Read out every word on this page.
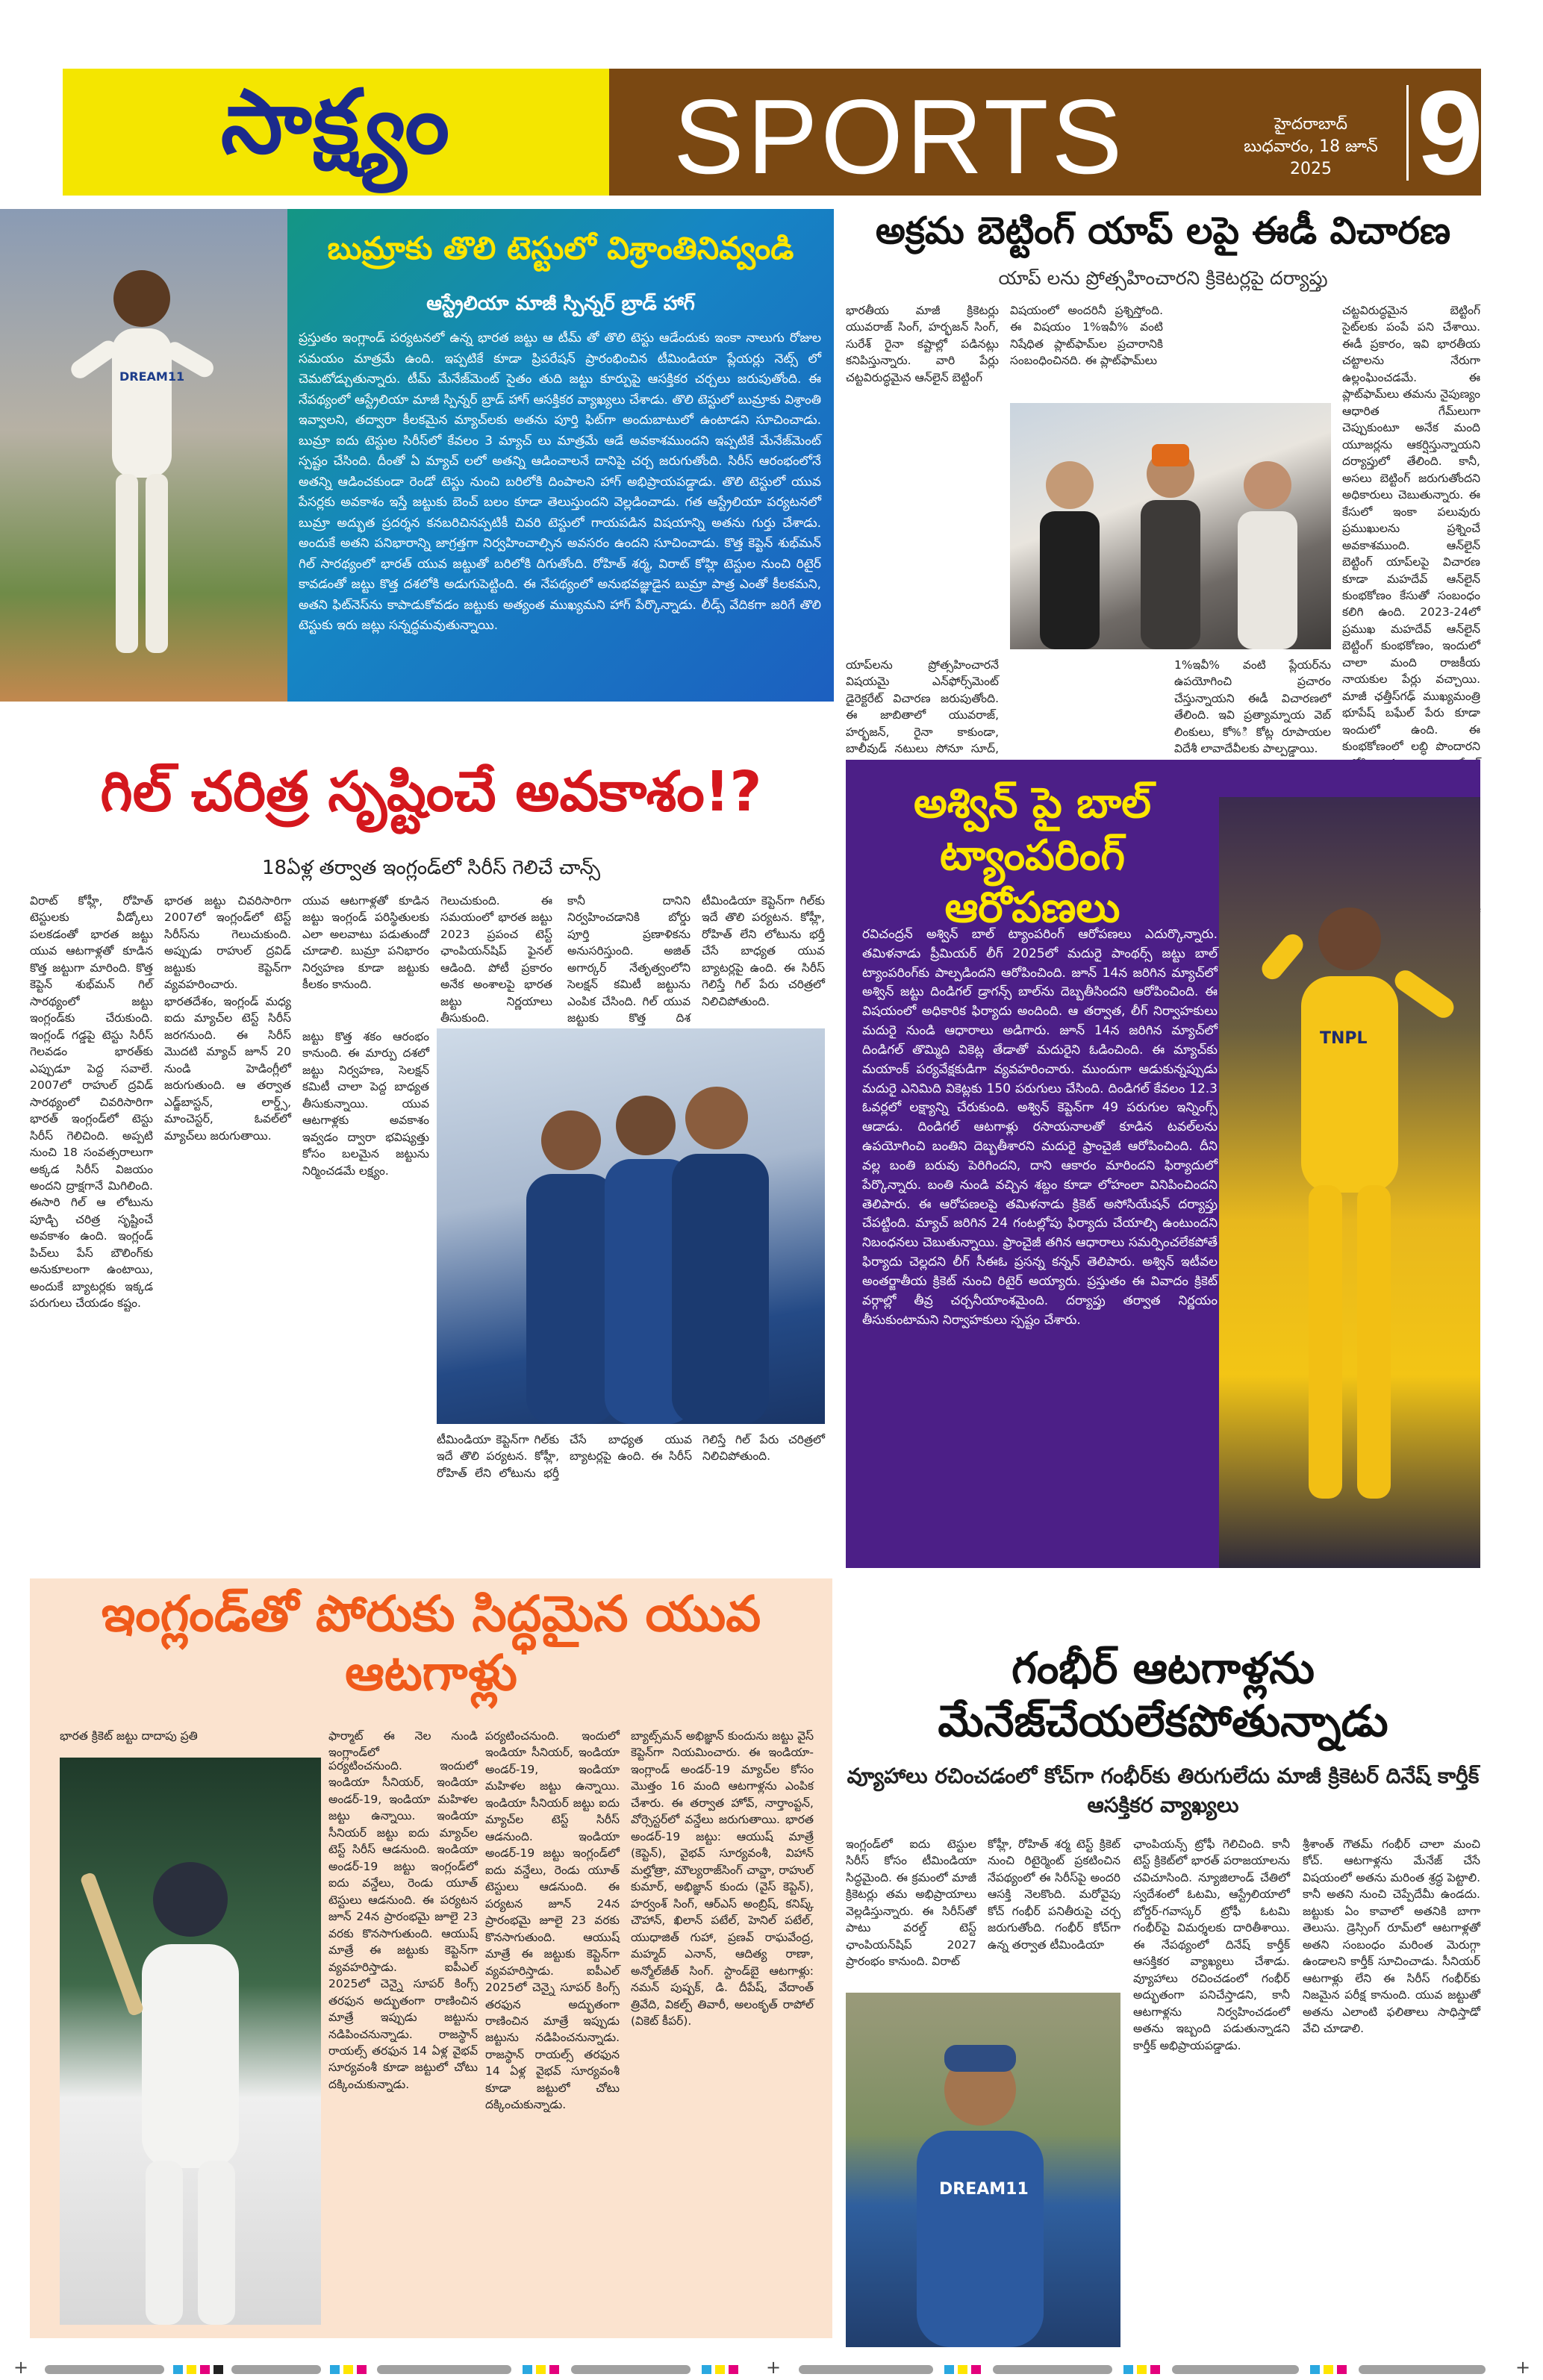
సాక్ష్యం SPORTS	హైదరాబాద్
బుధవారం, 18 జూన్ 2025 9
DREAM11
బుమ్రాకు తొలి టెస్టులో విశ్రాంతినివ్వండి
ఆస్ట్రేలియా మాజీ స్పిన్నర్ బ్రాడ్ హాగ్
ప్రస్తుతం ఇంగ్లాండ్ పర్యటనలో ఉన్న భారత జట్టు ఆ టీమ్ తో తొలి టెస్టు ఆడేందుకు ఇంకా నాలుగు రోజుల సమయం మాత్రమే ఉంది. ఇప్పటికే కూడా ప్రిపరేషన్ ప్రారంభించిన టీమిండియా ప్లేయర్లు నెట్స్ లో చెమటోడ్చుతున్నారు. టీమ్ మేనేజ్‌మెంట్ సైతం తుది జట్టు కూర్పుపై ఆసక్తికర చర్చలు జరుపుతోంది. ఈ నేపథ్యంలో ఆస్ట్రేలియా మాజీ స్పిన్నర్ బ్రాడ్ హాగ్ ఆసక్తికర వ్యాఖ్యలు చేశాడు. తొలి టెస్టులో బుమ్రాకు విశ్రాంతి ఇవ్వాలని, తద్వారా కీలకమైన మ్యాచ్‌లకు అతను పూర్తి ఫిట్‌గా అందుబాటులో ఉంటాడని సూచించాడు. బుమ్రా ఐదు టెస్టుల సిరీస్‌లో కేవలం 3 మ్యాచ్ లు మాత్రమే ఆడే అవకాశముందని ఇప్పటికే మేనేజ్‌మెంట్ స్పష్టం చేసింది. దీంతో ఏ మ్యాచ్ లలో అతన్ని ఆడించాలనే దానిపై చర్చ జరుగుతోంది. సిరీస్ ఆరంభంలోనే అతన్ని ఆడించకుండా రెండో టెస్టు నుంచి బరిలోకి దింపాలని హాగ్ అభిప్రాయపడ్డాడు. తొలి టెస్టులో యువ పేసర్లకు అవకాశం ఇస్తే జట్టుకు బెంచ్ బలం కూడా తెలుస్తుందని వెల్లడించాడు. గత ఆస్ట్రేలియా పర్యటనలో బుమ్రా అద్భుత ప్రదర్శన కనబరిచినప్పటికీ చివరి టెస్టులో గాయపడిన విషయాన్ని అతను గుర్తు చేశాడు. అందుకే అతని పనిభారాన్ని జాగ్రత్తగా నిర్వహించాల్సిన అవసరం ఉందని సూచించాడు. కొత్త కెప్టెన్ శుభ్‌మన్ గిల్ సారథ్యంలో భారత్ యువ జట్టుతో బరిలోకి దిగుతోంది. రోహిత్ శర్మ, విరాట్ కోహ్లి టెస్టుల నుంచి రిటైర్ కావడంతో జట్టు కొత్త దశలోకి అడుగుపెట్టింది. ఈ నేపథ్యంలో అనుభవజ్ఞుడైన బుమ్రా పాత్ర ఎంతో కీలకమని, అతని ఫిట్‌నెస్‌ను కాపాడుకోవడం జట్టుకు అత్యంత ముఖ్యమని హాగ్ పేర్కొన్నాడు. లీడ్స్ వేదికగా జరిగే తొలి టెస్టుకు ఇరు జట్లు సన్నద్ధమవుతున్నాయి.
అక్రమ బెట్టింగ్ యాప్ లపై ఈడీ విచారణ
యాప్ లను ప్రోత్సహించారని క్రికెటర్లపై దర్యాప్తు
భారతీయ మాజీ క్రికెటర్లు యువరాజ్ సింగ్, హర్భజన్ సింగ్, సురేశ్ రైనా కష్టాల్లో పడినట్లు కనిపిస్తున్నారు. వారి పేర్లు చట్టవిరుద్ధమైన ఆన్‌లైన్ బెట్టింగ్
యాప్‌లను ప్రోత్సహించారనే విషయమై ఎన్‌ఫోర్స్‌మెంట్ డైరెక్టరేట్ విచారణ జరుపుతోంది. ఈ జాబితాలో యువరాజ్, హర్భజన్, రైనా కాకుండా, బాలీవుడ్ నటులు సోనూ సూద్,
విషయంలో అందరినీ ప్రశ్నిస్తోంది. ఈ విషయం 1%ఇవీ% వంటి నిషేధిత ప్లాట్‌ఫామ్‌ల ప్రచారానికి సంబంధించినది. ఈ ప్లాట్‌ఫామ్‌లు
1%ఇవీ% వంటి ప్లేయర్‌ను ఉపయోగించి ప్రచారం చేస్తున్నాయని ఈడీ విచారణలో తేలింది. ఇవి ప్రత్యామ్నాయ వెబ్ లింకులు, కో%ి కోట్ల రూపాయల విదేశీ లావాదేవీలకు పాల్పడ్డాయి.
చట్టవిరుద్ధమైన బెట్టింగ్ సైట్‌లకు పంపే పని చేశాయి. ఈడీ ప్రకారం, ఇవి భారతీయ చట్టాలను నేరుగా ఉల్లంఘించడమే. ఈ ప్లాట్‌ఫామ్‌లు తమను నైపుణ్యం ఆధారిత గేమ్‌లుగా చెప్పుకుంటూ అనేక మంది యూజర్లను ఆకర్షిస్తున్నాయని దర్యాప్తులో తేలింది. కానీ, అసలు బెట్టింగ్ జరుగుతోందని అధికారులు చెబుతున్నారు. ఈ కేసులో ఇంకా పలువురు ప్రముఖులను ప్రశ్నించే అవకాశముంది. ఆన్‌లైన్ బెట్టింగ్ యాప్‌లపై విచారణ కూడా మహదేవ్ ఆన్‌లైన్ కుంభకోణం కేసుతో సంబంధం కలిగి ఉంది. 2023-24లో ప్రముఖ మహదేవ్ ఆన్‌లైన్ బెట్టింగ్ కుంభకోణం, ఇందులో చాలా మంది రాజకీయ నాయకుల పేర్లు వచ్చాయి. మాజీ ఛత్తీస్‌గఢ్ ముఖ్యమంత్రి భూపేష్ బఘేల్ పేరు కూడా ఇందులో ఉంది. ఈ కుంభకోణంలో లబ్ధి పొందారని
గిల్ చరిత్ర సృష్టించే అవకాశం!?
18ఏళ్ల తర్వాత ఇంగ్లండ్‌లో సిరీస్ గెలిచే చాన్స్
విరాట్ కోహ్లీ, రోహిత్ టెస్టులకు వీడ్కోలు పలకడంతో భారత జట్టు యువ ఆటగాళ్లతో కూడిన కొత్త జట్టుగా మారింది. కొత్త కెప్టెన్ శుభ్‌మన్ గిల్ సారథ్యంలో జట్టు ఇంగ్లండ్‌కు చేరుకుంది. ఇంగ్లండ్ గడ్డపై టెస్టు సిరీస్ గెలవడం భారత్‌కు ఎప్పుడూ పెద్ద సవాలే. 2007లో రాహుల్ ద్రవిడ్ సారథ్యంలో చివరిసారిగా భారత్ ఇంగ్లండ్‌లో టెస్టు సిరీస్ గెలిచింది. అప్పటి నుంచి 18 సంవత్సరాలుగా అక్కడ సిరీస్ విజయం అందని ద్రాక్షగానే మిగిలింది. ఈసారి గిల్ ఆ లోటును పూడ్చి చరిత్ర సృష్టించే అవకాశం ఉంది. ఇంగ్లండ్ పిచ్‌లు పేస్ బౌలింగ్‌కు అనుకూలంగా ఉంటాయి, అందుకే బ్యాటర్లకు ఇక్కడ పరుగులు చేయడం కష్టం.
భారత జట్టు చివరిసారిగా 2007లో ఇంగ్లండ్‌లో టెస్ట్ సిరీస్‌ను గెలుచుకుంది. అప్పుడు రాహుల్ ద్రవిడ్ జట్టుకు కెప్టెన్‌గా వ్యవహరించారు. భారతదేశం, ఇంగ్లండ్ మధ్య ఐదు మ్యాచ్‌ల టెస్ట్ సిరీస్ జరగనుంది. ఈ సిరీస్ మొదటి మ్యాచ్ జూన్ 20 నుండి హెడింగ్లీలో జరుగుతుంది. ఆ తర్వాత ఎడ్జ్‌బాస్టన్, లార్డ్స్, మాంచెస్టర్, ఓవల్‌లో మ్యాచ్‌లు జరుగుతాయి.
యువ ఆటగాళ్లతో కూడిన జట్టు ఇంగ్లండ్ పరిస్థితులకు ఎలా అలవాటు పడుతుందో చూడాలి. బుమ్రా పనిభారం నిర్వహణ కూడా జట్టుకు కీలకం కానుంది.
గెలుచుకుంది. ఈ సమయంలో భారత జట్టు 2023 ప్రపంచ టెస్ట్ ఛాంపియన్‌షిప్ ఫైనల్ ఆడింది. పోటీ ప్రకారం అనేక అంశాలపై భారత జట్టు నిర్ణయాలు తీసుకుంది.
జట్టు కొత్త శకం ఆరంభం కానుంది. ఈ మార్పు దశలో జట్టు నిర్వహణ, సెలక్షన్ కమిటీ చాలా పెద్ద బాధ్యత తీసుకున్నాయి. యువ ఆటగాళ్లకు అవకాశం ఇవ్వడం ద్వారా భవిష్యత్తు కోసం బలమైన జట్టును నిర్మించడమే లక్ష్యం.
కానీ దానిని నిర్వహించడానికి బోర్డు పూర్తి ప్రణాళికను అనుసరిస్తుంది. అజిత్ అగార్కర్ నేతృత్వంలోని సెలక్షన్ కమిటీ జట్టును ఎంపిక చేసింది. గిల్ యువ జట్టుకు కొత్త దిశ
టీమిండియా కెప్టెన్‌గా గిల్‌కు ఇదే తొలి పర్యటన. కోహ్లీ, రోహిత్ లేని లోటును భర్తీ చేసే బాధ్యత యువ బ్యాటర్లపై ఉంది. ఈ సిరీస్ గెలిస్తే గిల్ పేరు చరిత్రలో నిలిచిపోతుంది.
టీమిండియా కెప్టెన్‌గా గిల్‌కు ఇదే తొలి పర్యటన. కోహ్లీ, రోహిత్ లేని లోటును భర్తీ చేసే బాధ్యత యువ బ్యాటర్లపై ఉంది. ఈ సిరీస్ గెలిస్తే గిల్ పేరు చరిత్రలో నిలిచిపోతుంది.
అశ్విన్ పై బాల్ ట్యాంపరింగ్ ఆరోపణలు
రవిచంద్రన్ అశ్విన్ బాల్ ట్యాంపరింగ్ ఆరోపణలు ఎదుర్కొన్నారు. తమిళనాడు ప్రీమియర్ లీగ్ 2025లో మదురై పాంథర్స్ జట్టు బాల్ ట్యాంపరింగ్‌కు పాల్పడిందని ఆరోపించింది. జూన్ 14న జరిగిన మ్యాచ్‌లో అశ్విన్ జట్టు దిండిగల్ డ్రాగన్స్ బాల్‌ను దెబ్బతీసిందని ఆరోపించింది. ఈ విషయంలో అధికారిక ఫిర్యాదు అందింది. ఆ తర్వాత, లీగ్ నిర్వాహకులు మదురై నుండి ఆధారాలు అడిగారు. జూన్ 14న జరిగిన మ్యాచ్‌లో దిండిగల్ తొమ్మిది వికెట్ల తేడాతో మదురైని ఓడించింది. ఈ మ్యాచ్‌కు మయాంక్ పర్యవేక్షకుడిగా వ్యవహరించారు. ముందుగా ఆడుకున్నప్పుడు మదురై ఎనిమిది వికెట్లకు 150 పరుగులు చేసింది. దిండిగల్ కేవలం 12.3 ఓవర్లలో లక్ష్యాన్ని చేరుకుంది. అశ్విన్ కెప్టెన్‌గా 49 పరుగుల ఇన్నింగ్స్ ఆడాడు. దిండిగల్ ఆటగాళ్లు రసాయనాలతో కూడిన టవల్‌లను ఉపయోగించి బంతిని దెబ్బతీశారని మదురై ఫ్రాంచైజీ ఆరోపించింది. దీని వల్ల బంతి బరువు పెరిగిందని, దాని ఆకారం మారిందని ఫిర్యాదులో పేర్కొన్నారు. బంతి నుండి వచ్చిన శబ్దం కూడా లోహంలా వినిపించిందని తెలిపారు. ఈ ఆరోపణలపై తమిళనాడు క్రికెట్ అసోసియేషన్ దర్యాప్తు చేపట్టింది. మ్యాచ్ జరిగిన 24 గంటల్లోపు ఫిర్యాదు చేయాల్సి ఉంటుందని నిబంధనలు చెబుతున్నాయి. ఫ్రాంచైజీ తగిన ఆధారాలు సమర్పించలేకపోతే ఫిర్యాదు చెల్లదని లీగ్ సీఈఓ ప్రసన్న కన్నన్ తెలిపారు. అశ్విన్ ఇటీవల అంతర్జాతీయ క్రికెట్ నుంచి రిటైర్ అయ్యారు. ప్రస్తుతం ఈ వివాదం క్రికెట్ వర్గాల్లో తీవ్ర చర్చనీయాంశమైంది. దర్యాప్తు తర్వాత నిర్ణయం తీసుకుంటామని నిర్వాహకులు స్పష్టం చేశారు.
TNPL
ఇంగ్లండ్‌తో పోరుకు సిద్ధమైన యువ ఆటగాళ్లు
భారత క్రికెట్ జట్టు దాదాపు ప్రతి	ఫార్మాట్ ఈ నెల నుండి ఇంగ్లాండ్‌లో
పర్యటించనుంది. ఇందులో ఇండియా సీనియర్, ఇండియా అండర్-19, ఇండియా మహిళల జట్టు ఉన్నాయి. ఇండియా సీనియర్ జట్టు ఐదు మ్యాచ్‌ల టెస్ట్ సిరీస్ ఆడనుంది. ఇండియా అండర్-19 జట్టు ఇంగ్లండ్‌లో ఐదు వన్డేలు, రెండు యూత్ టెస్టులు ఆడనుంది. ఈ పర్యటన జూన్ 24న ప్రారంభమై జూలై 23 వరకు కొనసాగుతుంది. ఆయుష్ మాత్రే ఈ జట్టుకు కెప్టెన్‌గా వ్యవహరిస్తాడు. ఐపీఎల్ 2025లో చెన్నై సూపర్ కింగ్స్ తరఫున అద్భుతంగా రాణించిన మాత్రే ఇప్పుడు జట్టును నడిపించనున్నాడు. రాజస్థాన్ రాయల్స్ తరఫున 14 ఏళ్ల వైభవ్ సూర్యవంశీ కూడా జట్టులో చోటు దక్కించుకున్నాడు.
బ్యాట్స్‌మన్ అభిజ్ఞాన్ కుందును జట్టు వైస్ కెప్టెన్‌గా నియమించారు. ఈ ఇండియా-ఇంగ్లాండ్ అండర్-19 మ్యాచ్‌ల కోసం మొత్తం 16 మంది ఆటగాళ్లను ఎంపిక చేశారు. ఈ తర్వాత హోవ్, నార్తాంప్టన్, వోర్సెస్టర్‌లో వన్డేలు జరుగుతాయి. భారత అండర్-19 జట్టు: ఆయుష్ మాత్రే (కెప్టెన్), వైభవ్ సూర్యవంశీ, విహాన్ మల్హోత్రా, మౌల్యరాజ్‌సింగ్ చావ్డా, రాహుల్ కుమార్, అభిజ్ఞాన్ కుందు (వైస్ కెప్టెన్), హర్వంశ్ సింగ్, ఆర్ఎస్ అంబ్రిష్, కనిష్క్ చౌహాన్, ఖిలాన్ పటేల్, హెనిల్ పటేల్, యుధాజిత్ గుహా, ప్రణవ్ రాఘవేంద్ర, మహ్మద్ ఎనాన్, ఆదిత్య రాణా, అన్మోల్‌జీత్ సింగ్. స్టాండ్‌బై ఆటగాళ్లు: నమన్ పుష్పక్, డి. దీపేష్, వేదాంత్ త్రివేది, వికల్ప్ తివారీ, అలంకృత్ రాపోల్ (వికెట్ కీపర్).
పర్యటించనుంది. ఇందులో ఇండియా సీనియర్, ఇండియా అండర్-19, ఇండియా మహిళల జట్టు ఉన్నాయి. ఇండియా సీనియర్ జట్టు ఐదు మ్యాచ్‌ల టెస్ట్ సిరీస్ ఆడనుంది. ఇండియా అండర్-19 జట్టు ఇంగ్లండ్‌లో ఐదు వన్డేలు, రెండు యూత్ టెస్టులు ఆడనుంది. ఈ పర్యటన జూన్ 24న ప్రారంభమై జూలై 23 వరకు కొనసాగుతుంది. ఆయుష్ మాత్రే ఈ జట్టుకు కెప్టెన్‌గా వ్యవహరిస్తాడు. ఐపీఎల్ 2025లో చెన్నై సూపర్ కింగ్స్ తరఫున అద్భుతంగా రాణించిన మాత్రే ఇప్పుడు జట్టును నడిపించనున్నాడు. రాజస్థాన్ రాయల్స్ తరఫున 14 ఏళ్ల వైభవ్ సూర్యవంశీ కూడా జట్టులో చోటు దక్కించుకున్నాడు.
గంభీర్ ఆటగాళ్లను మేనేజ్‌చేయలేకపోతున్నాడు
వ్యూహాలు రచించడంలో కోచ్‌గా గంభీర్‌కు తిరుగులేదు మాజీ క్రికెటర్ దినేష్ కార్తీక్ ఆసక్తికర వ్యాఖ్యలు
ఇంగ్లండ్‌లో ఐదు టెస్టుల సిరీస్ కోసం టీమిండియా సిద్ధమైంది. ఈ క్రమంలో మాజీ క్రికెటర్లు తమ అభిప్రాయాలు వెల్లడిస్తున్నారు. ఈ సిరీస్‌తో పాటు వరల్డ్ టెస్ట్ ఛాంపియన్‌షిప్ 2027 ప్రారంభం కానుంది. విరాట్
కోహ్లీ, రోహిత్ శర్మ టెస్ట్ క్రికెట్ నుంచి రిటైర్మెంట్ ప్రకటించిన నేపథ్యంలో ఈ సిరీస్‌పై అందరి ఆసక్తి నెలకొంది. మరోవైపు కోచ్ గంభీర్ పనితీరుపై చర్చ జరుగుతోంది. గంభీర్ కోచ్‌గా ఉన్న తర్వాత టీమిండియా
ఛాంపియన్స్ ట్రోఫీ గెలిచింది. కానీ టెస్ట్ క్రికెట్‌లో భారత్ పరాజయాలను చవిచూసింది. న్యూజిలాండ్ చేతిలో స్వదేశంలో ఓటమి, ఆస్ట్రేలియాలో బోర్డర్-గవాస్కర్ ట్రోఫీ ఓటమి గంభీర్‌పై విమర్శలకు దారితీశాయి. ఈ నేపథ్యంలో దినేష్ కార్తీక్ ఆసక్తికర వ్యాఖ్యలు చేశాడు. వ్యూహాలు రచించడంలో గంభీర్ అద్భుతంగా పనిచేస్తాడని, కానీ ఆటగాళ్లను నిర్వహించడంలో అతను ఇబ్బంది పడుతున్నాడని కార్తీక్ అభిప్రాయపడ్డాడు.
శ్రీశాంత్ గౌతమ్ గంభీర్ చాలా మంచి కోచ్. ఆటగాళ్లను మేనేజ్ చేసే విషయంలో అతను మరింత శ్రద్ధ పెట్టాలి. కానీ అతని నుంచి చెప్పేదేమీ ఉండదు. జట్టుకు ఏం కావాలో అతనికి బాగా తెలుసు. డ్రెస్సింగ్ రూమ్‌లో ఆటగాళ్లతో అతని సంబంధం మరింత మెరుగ్గా ఉండాలని కార్తీక్ సూచించాడు. సీనియర్ ఆటగాళ్లు లేని ఈ సిరీస్ గంభీర్‌కు నిజమైన పరీక్ష కానుంది. యువ జట్టుతో అతను ఎలాంటి ఫలితాలు సాధిస్తాడో వేచి చూడాలి.
DREAM11
+	+	+
